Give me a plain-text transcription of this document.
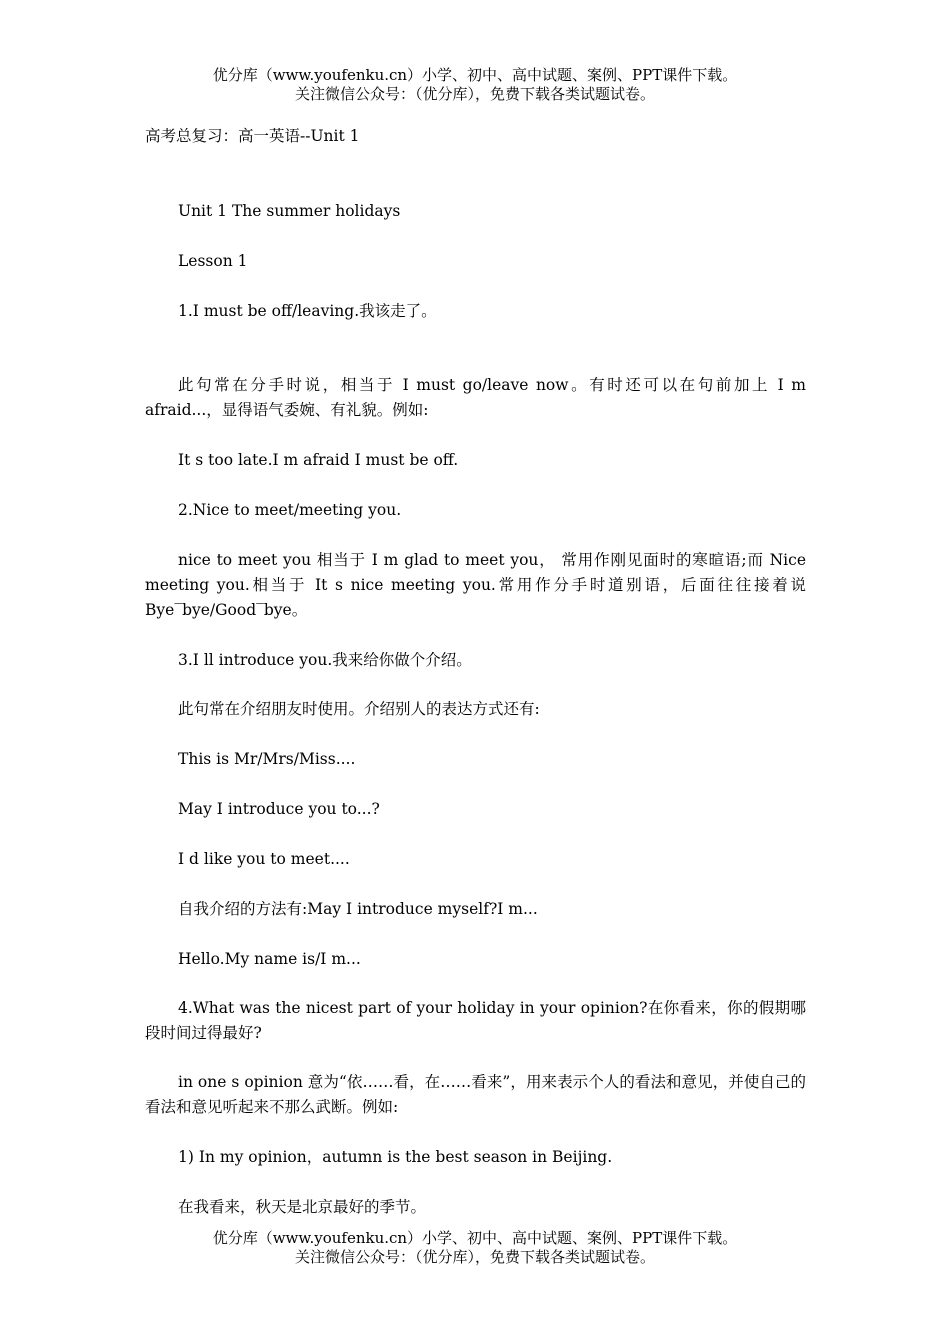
优分库（www.youfenku.cn）小学、初中、高中试题、案例、PPT课件下载。
关注微信公众号：（优分库），免费下载各类试题试卷。

高考总复习：高一英语--Unit 1

Unit 1 The summer holidays

Lesson 1

1.I must be off/leaving.我该走了。

此句常在分手时说，相当于 I must go/leave now。有时还可以在句前加上 I m afraid...，显得语气委婉、有礼貌。例如:

It s too late.I m afraid I must be off.

2.Nice to meet/meeting you.

nice to meet you 相当于 I m glad to meet you， 常用作刚见面时的寒暄语;而 Nice meeting you.相当于 It s nice meeting you.常用作分手时道别语，后面往往接着说 Bye‾bye/Good‾bye。

3.I ll introduce you.我来给你做个介绍。

此句常在介绍朋友时使用。介绍别人的表达方式还有:

This is Mr/Mrs/Miss....

May I introduce you to...?

I d like you to meet....

自我介绍的方法有:May I introduce myself?I m...

Hello.My name is/I m...

4.What was the nicest part of your holiday in your opinion?在你看来，你的假期哪段时间过得最好?

in one s opinion 意为“依……看，在……看来”，用来表示个人的看法和意见，并使自己的看法和意见听起来不那么武断。例如:

1) In my opinion，autumn is the best season in Beijing.

在我看来，秋天是北京最好的季节。

优分库（www.youfenku.cn）小学、初中、高中试题、案例、PPT课件下载。
关注微信公众号：（优分库），免费下载各类试题试卷。
